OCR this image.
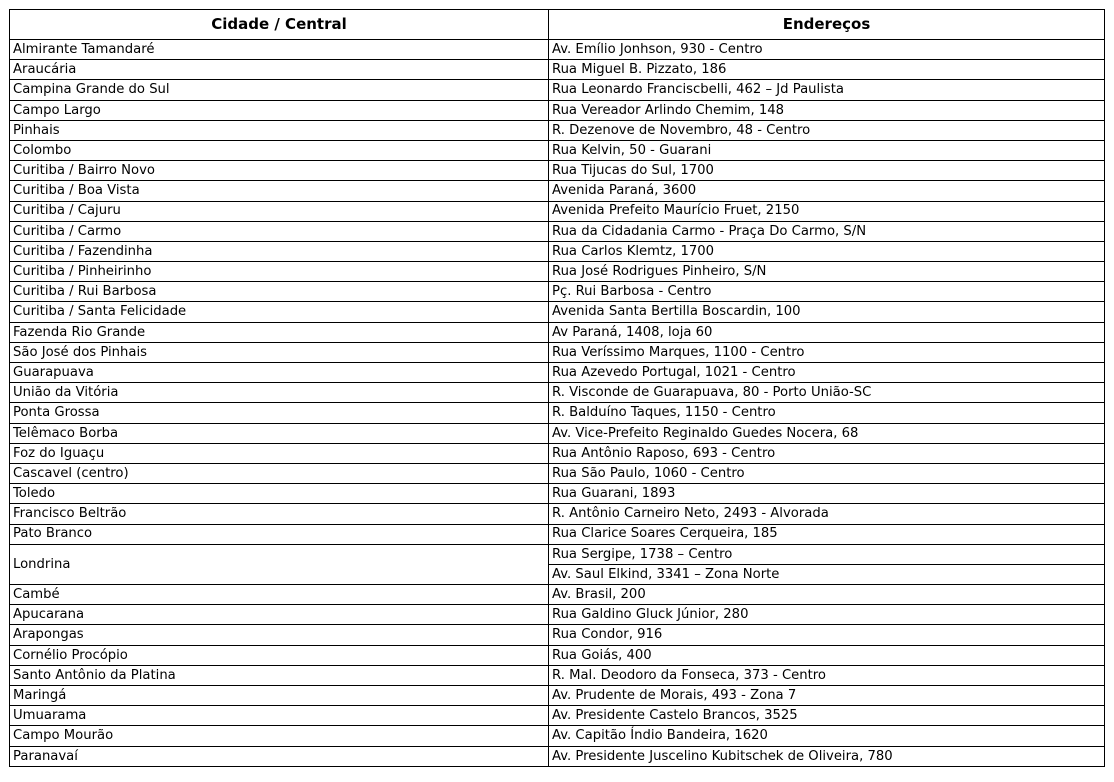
Cidade / Central	Endereços
Almirante Tamandaré	Av. Emílio Jonhson, 930 - Centro
Araucária	Rua Miguel B. Pizzato, 186
Campina Grande do Sul	Rua Leonardo Franciscbelli, 462 – Jd Paulista
Campo Largo	Rua Vereador Arlindo Chemim, 148
Pinhais	R. Dezenove de Novembro, 48 - Centro
Colombo	Rua Kelvin, 50 - Guarani
Curitiba / Bairro Novo	Rua Tijucas do Sul, 1700
Curitiba / Boa Vista	Avenida Paraná, 3600
Curitiba / Cajuru	Avenida Prefeito Maurício Fruet, 2150
Curitiba / Carmo	Rua da Cidadania Carmo - Praça Do Carmo, S/N
Curitiba / Fazendinha	Rua Carlos Klemtz, 1700
Curitiba / Pinheirinho	Rua José Rodrigues Pinheiro, S/N
Curitiba / Rui Barbosa	Pç. Rui Barbosa - Centro
Curitiba / Santa Felicidade	Avenida Santa Bertilla Boscardin, 100
Fazenda Rio Grande	Av Paraná, 1408, loja 60
São José dos Pinhais	Rua Veríssimo Marques, 1100 - Centro
Guarapuava	Rua Azevedo Portugal, 1021 - Centro
União da Vitória	R. Visconde de Guarapuava, 80 - Porto União-SC
Ponta Grossa	R. Balduíno Taques, 1150 - Centro
Telêmaco Borba	Av. Vice-Prefeito Reginaldo Guedes Nocera, 68
Foz do Iguaçu	Rua Antônio Raposo, 693 - Centro
Cascavel (centro)	Rua São Paulo, 1060 - Centro
Toledo	Rua Guarani, 1893
Francisco Beltrão	R. Antônio Carneiro Neto, 2493 - Alvorada
Pato Branco	Rua Clarice Soares Cerqueira, 185
Londrina	Rua Sergipe, 1738 – Centro
	Av. Saul Elkind, 3341 – Zona Norte
Cambé	Av. Brasil, 200
Apucarana	Rua Galdino Gluck Júnior, 280
Arapongas	Rua Condor, 916
Cornélio Procópio	Rua Goiás, 400
Santo Antônio da Platina	R. Mal. Deodoro da Fonseca, 373 - Centro
Maringá	Av. Prudente de Morais, 493 - Zona 7
Umuarama	Av. Presidente Castelo Brancos, 3525
Campo Mourão	Av. Capitão Índio Bandeira, 1620
Paranavaí	Av. Presidente Juscelino Kubitschek de Oliveira, 780
